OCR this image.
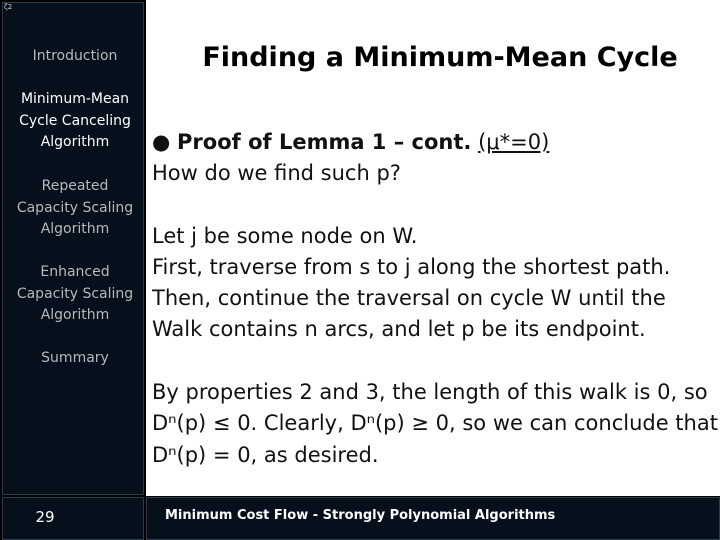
ζ2
Introduction
Minimum-Mean
Cycle Canceling
Algorithm
Repeated
Capacity Scaling
Algorithm
Enhanced
Capacity Scaling
Algorithm
Summary
Finding a Minimum-Mean Cycle
● Proof of Lemma 1 – cont. (μ*=0)
How do we find such p?
Let j be some node on W.
First, traverse from s to j along the shortest path.
Then, continue the traversal on cycle W until the
Walk contains n arcs, and let p be its endpoint.
By properties 2 and 3, the length of this walk is 0, so
Dⁿ(p) ≤ 0. Clearly, Dⁿ(p) ≥ 0, so we can conclude that
Dⁿ(p) = 0, as desired.
29	Minimum Cost Flow - Strongly Polynomial Algorithms
